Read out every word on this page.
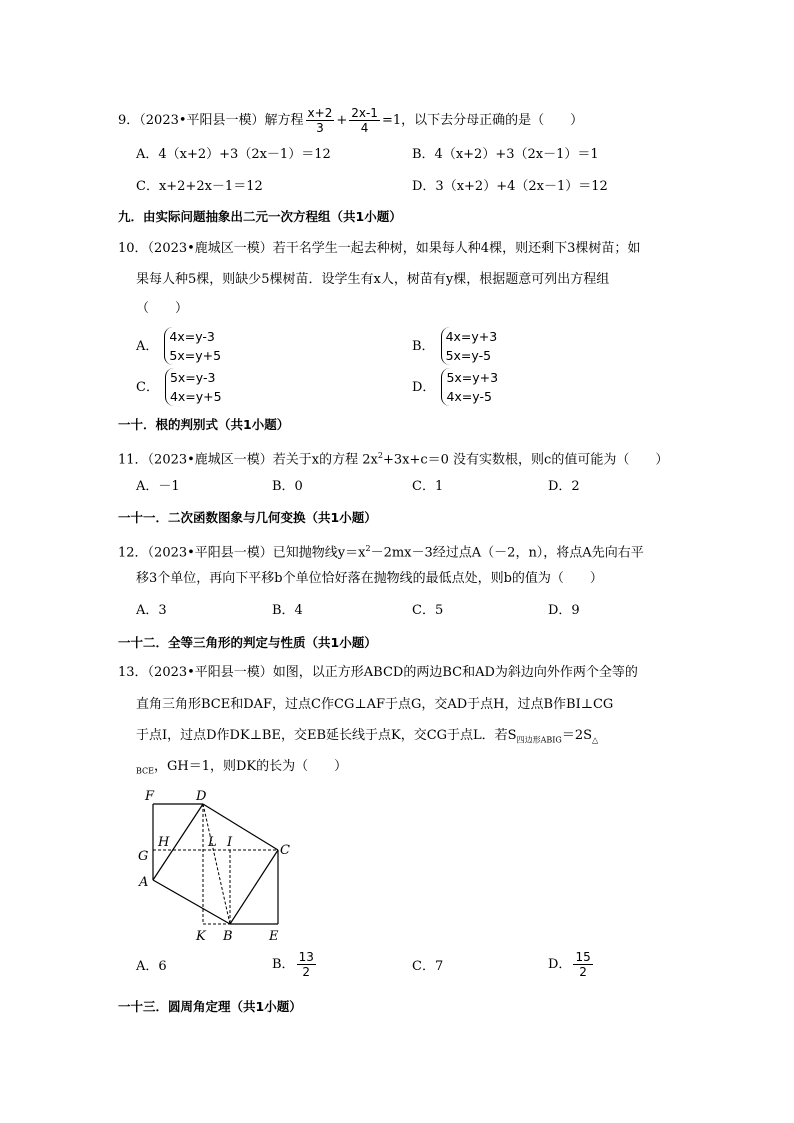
9．（2023•平阳县一模）解方程 $\frac{x+2}{3} + \frac{2x-1}{4} =1$，以下去分母正确的是（　　）
A．4（x+2）+3（2x－1）＝12	B．4（x+2）+3（2x－1）＝1
C．x+2+2x－1＝12	D．3（x+2）+4（2x－1）＝12
九．由实际问题抽象出二元一次方程组（共1小题）
10．（2023•鹿城区一模）若干名学生一起去种树，如果每人种4棵，则还剩下3棵树苗；如
果每人种5棵，则缺少5棵树苗．设学生有x人，树苗有y棵，根据题意可列出方程组
（　　）
A．
4x=y-3
5x=y+5
B．
4x=y+3
5x=y-5
C．
5x=y-3
4x=y+5
D．
5x=y+3
4x=y-5
一十．根的判别式（共1小题）
11．（2023•鹿城区一模）若关于x的方程 $2x^2+3x+c=0$ 没有实数根，则c的值可能为（　　）
A．－1	B．0	C．1	D．2
一十一．二次函数图象与几何变换（共1小题）
12．（2023•平阳县一模）已知抛物线$y=x^2-2mx-3$经过点A（－2，n），将点A先向右平
移3个单位，再向下平移b个单位恰好落在抛物线的最低点处，则b的值为（　　）
A．3	B．4	C．5	D．9
一十二．全等三角形的判定与性质（共1小题）
13．（2023•平阳县一模）如图，以正方形ABCD的两边BC和AD为斜边向外作两个全等的
直角三角形BCE和DAF，过点C作CG⊥AF于点G，交AD于点H，过点B作BI⊥CG
于点I，过点D作DK⊥BE，交EB延长线于点K，交CG于点L．若$S_{四边形ABIG}=2S_\triangle$
$_{BCE}$，GH＝1，则DK的长为（　　）
F	D
H	L I
G	C
A
K B	E
A．6	B． $\frac{13}{2}$	C．7	D． $\frac{15}{2}$
一十三．圆周角定理（共1小题）
